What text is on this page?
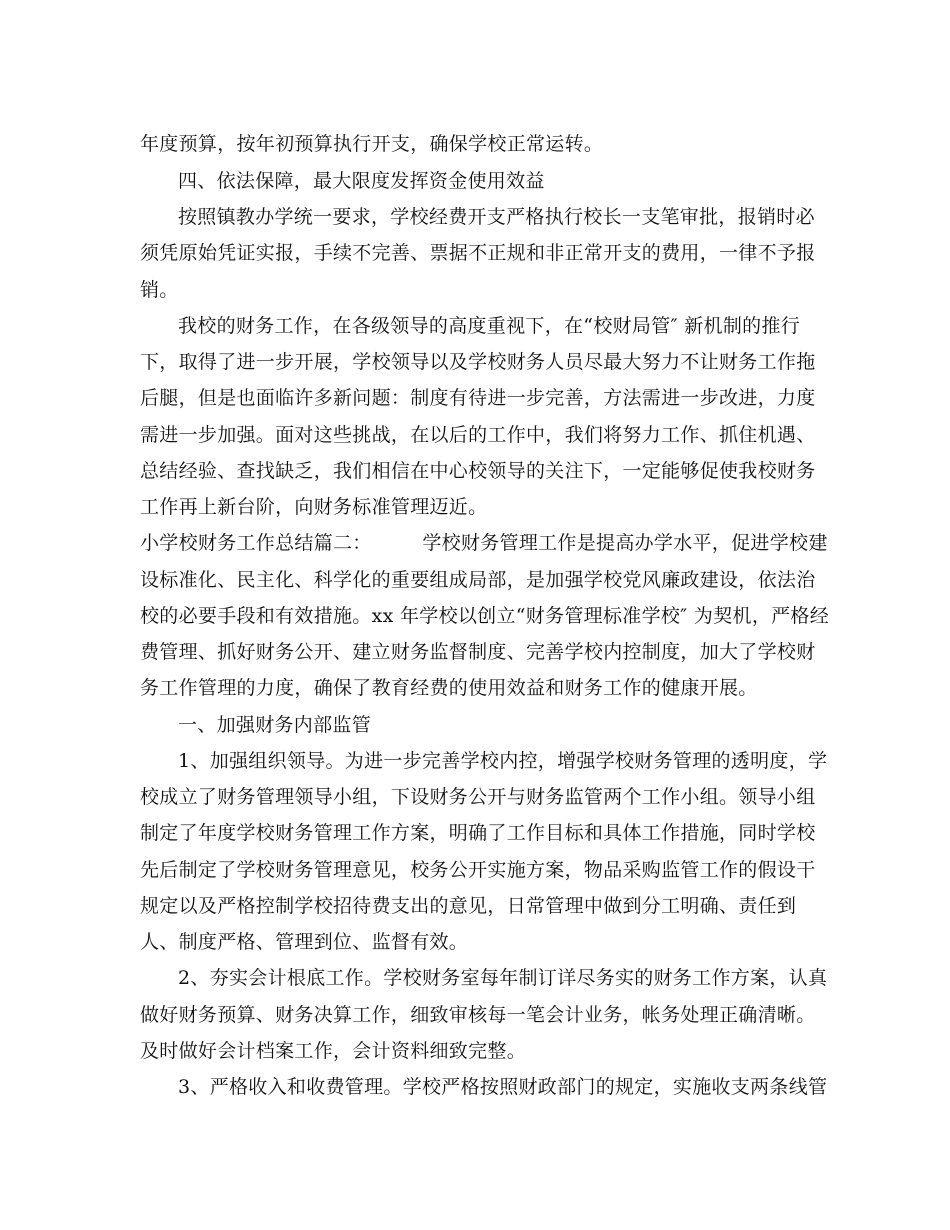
年度预算，按年初预算执行开支，确保学校正常运转。
四、依法保障，最大限度发挥资金使用效益
按照镇教办学统一要求，学校经费开支严格执行校长一支笔审批，报销时必
须凭原始凭证实报，手续不完善、票据不正规和非正常开支的费用，一律不予报
销。
我校的财务工作，在各级领导的高度重视下，在“校财局管″ 新机制的推行
下，取得了进一步开展，学校领导以及学校财务人员尽最大努力不让财务工作拖
后腿，但是也面临许多新问题：制度有待进一步完善，方法需进一步改进，力度
需进一步加强。面对这些挑战，在以后的工作中，我们将努力工作、抓住机遇、
总结经验、查找缺乏，我们相信在中心校领导的关注下，一定能够促使我校财务
工作再上新台阶，向财务标准管理迈近。
小学校财务工作总结篇二：        学校财务管理工作是提高办学水平，促进学校建
设标准化、民主化、科学化的重要组成局部，是加强学校党风廉政建设，依法治
校的必要手段和有效措施。xx 年学校以创立“财务管理标准学校″ 为契机，严格经
费管理、抓好财务公开、建立财务监督制度、完善学校内控制度，加大了学校财
务工作管理的力度，确保了教育经费的使用效益和财务工作的健康开展。
一、加强财务内部监管
1、加强组织领导。为进一步完善学校内控，增强学校财务管理的透明度，学
校成立了财务管理领导小组，下设财务公开与财务监管两个工作小组。领导小组
制定了年度学校财务管理工作方案，明确了工作目标和具体工作措施，同时学校
先后制定了学校财务管理意见，校务公开实施方案，物品采购监管工作的假设干
规定以及严格控制学校招待费支出的意见，日常管理中做到分工明确、责任到
人、制度严格、管理到位、监督有效。
2、夯实会计根底工作。学校财务室每年制订详尽务实的财务工作方案，认真
做好财务预算、财务决算工作，细致审核每一笔会计业务，帐务处理正确清晰。
及时做好会计档案工作，会计资料细致完整。
3、严格收入和收费管理。学校严格按照财政部门的规定，实施收支两条线管
